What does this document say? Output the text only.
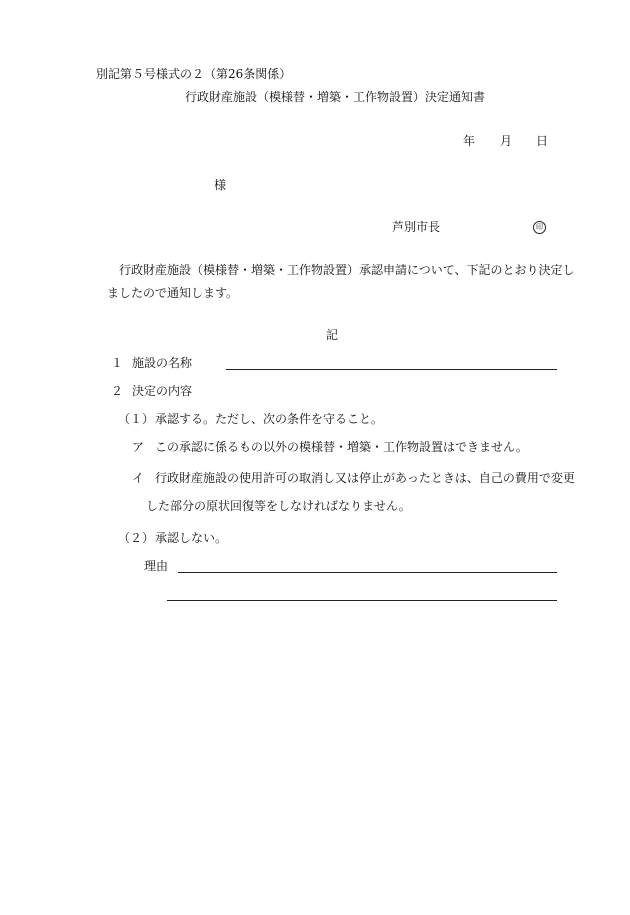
別記第５号様式の２（第26条関係）
行政財産施設（模様替・増築・工作物設置）決定通知書
年 月 日
様
芦別市長	印
行政財産施設（模様替・増築・工作物設置）承認申請について、下記のとおり決定し
ましたので通知します。
記
１ 施設の名称
２ 決定の内容
（１） 承認する。ただし、次の条件を守ること。
ア この承認に係るもの以外の模様替・増築・工作物設置はできません。
イ 行政財産施設の使用許可の取消し又は停止があったときは、自己の費用で変更
した部分の原状回復等をしなければなりません。
（２） 承認しない。
理由
